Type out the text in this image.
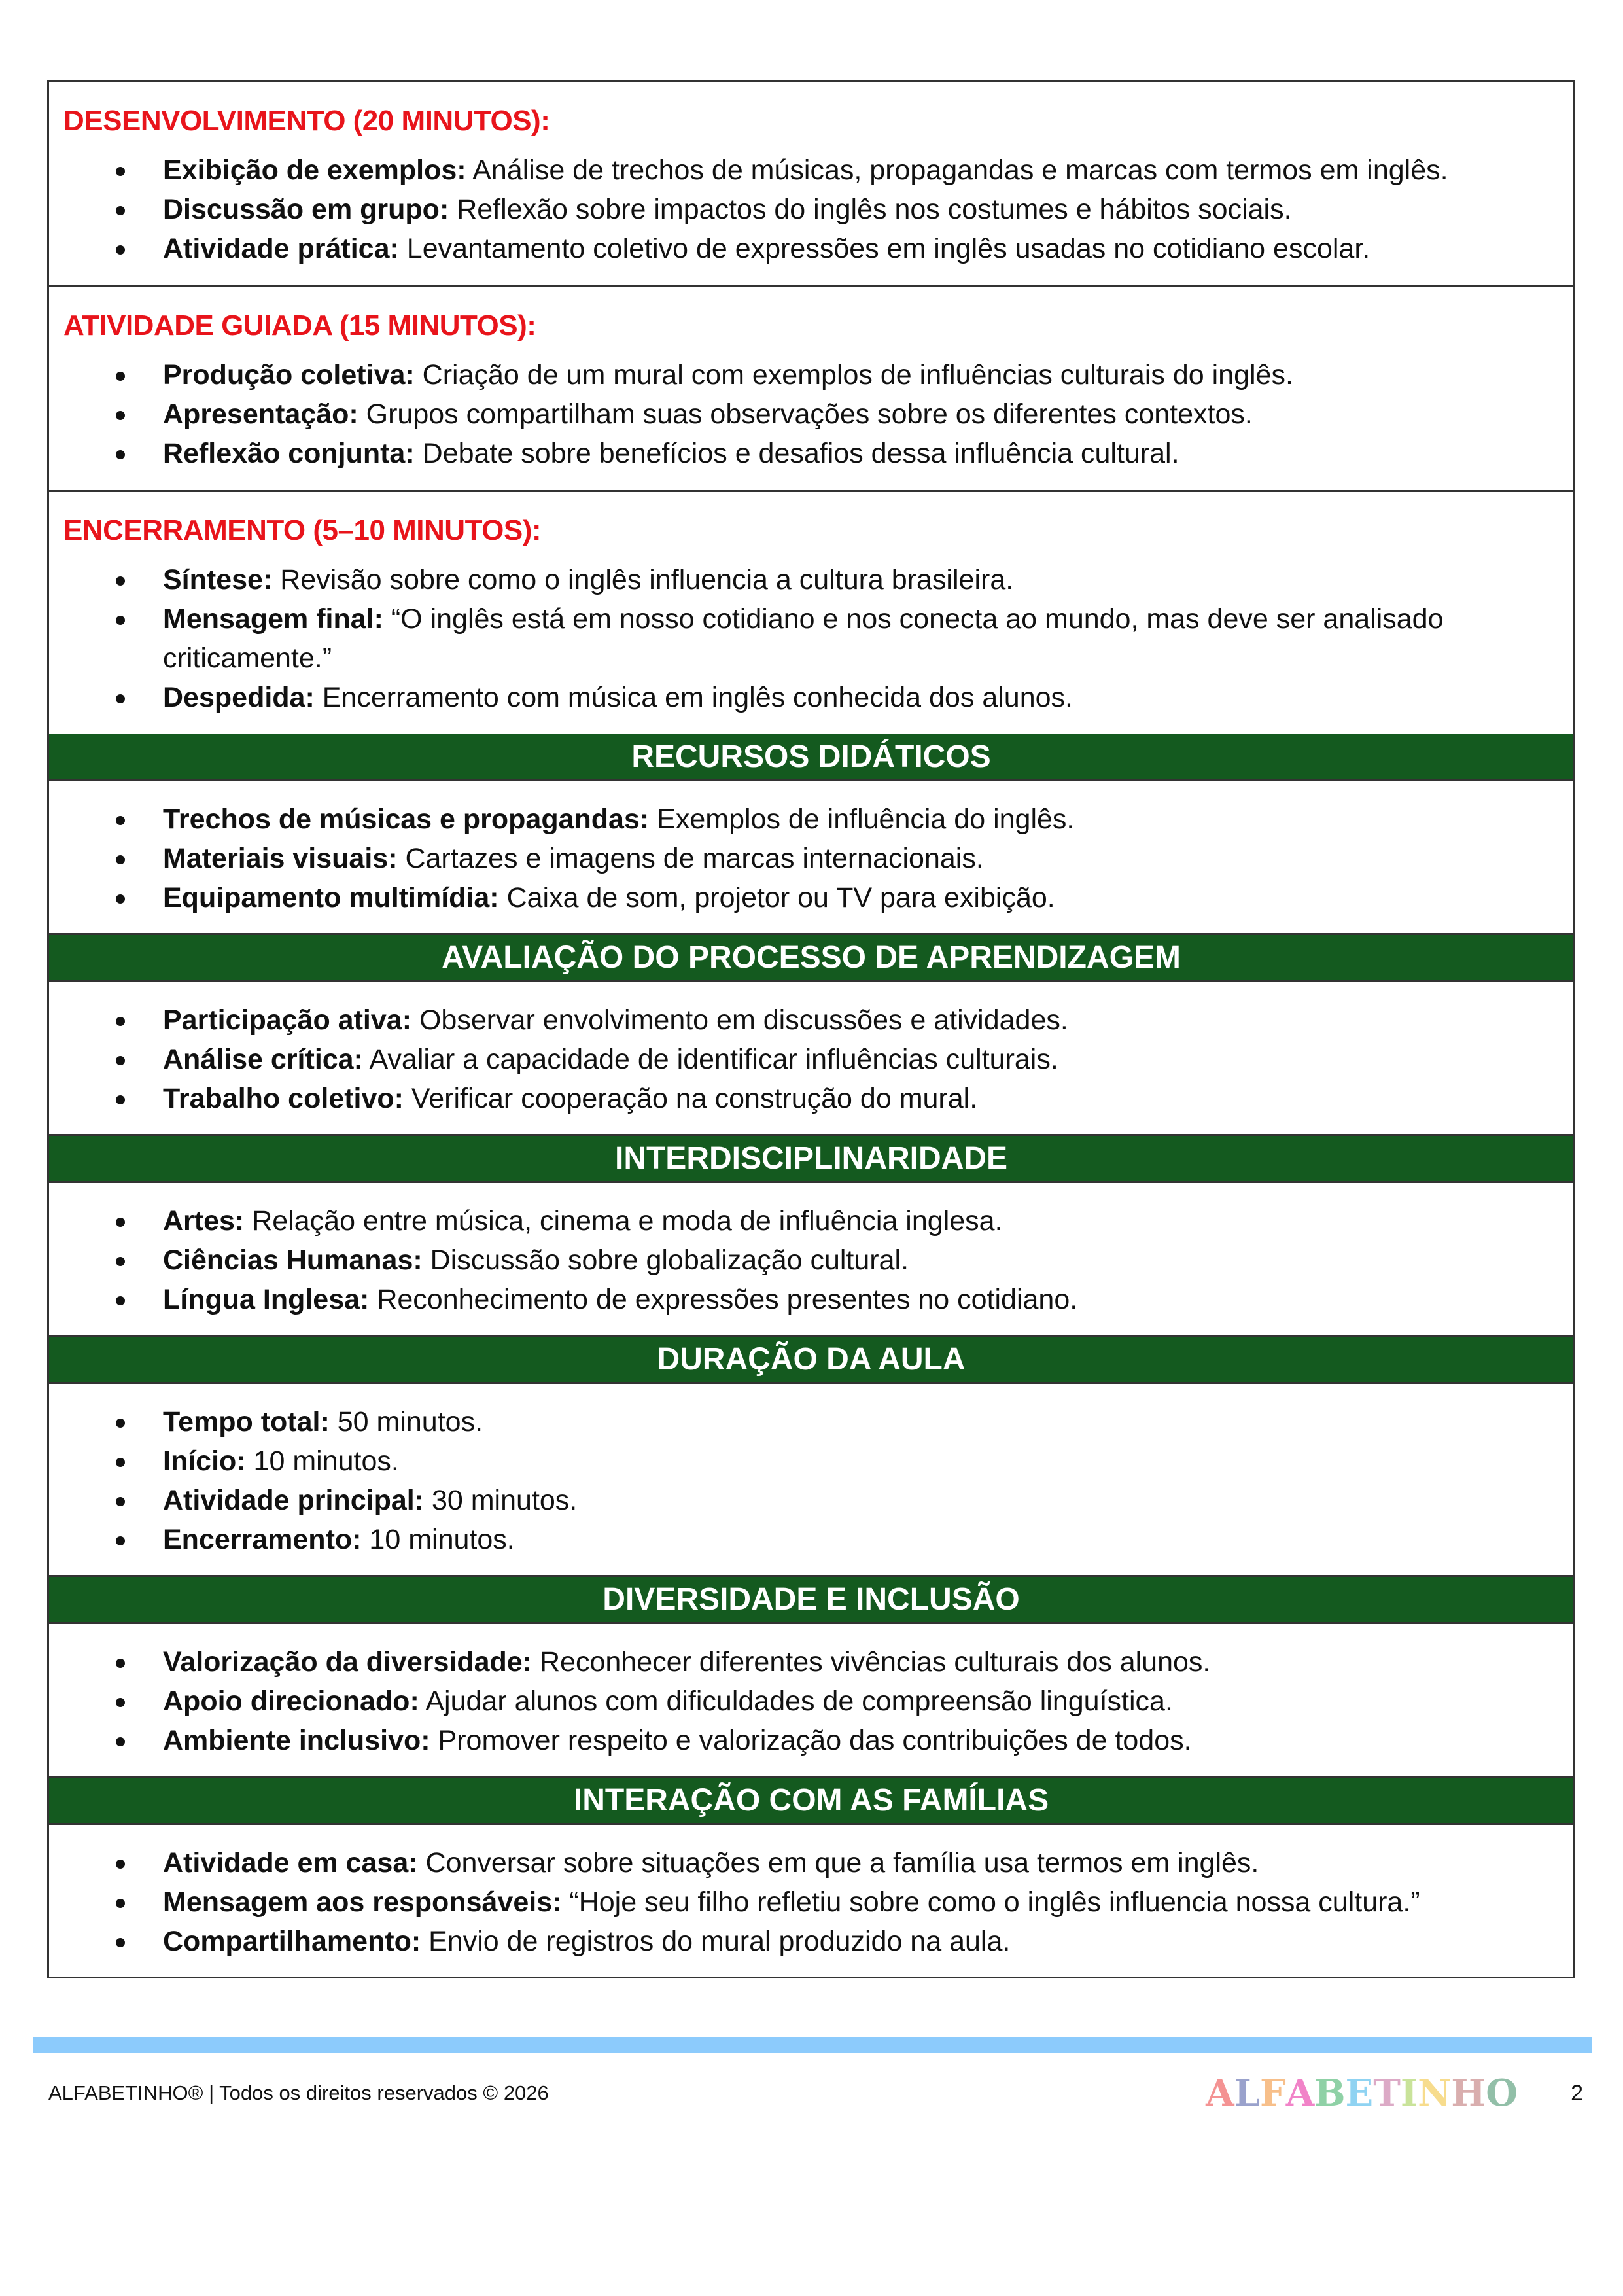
DESENVOLVIMENTO (20 MINUTOS):
Exibição de exemplos: Análise de trechos de músicas, propagandas e marcas com termos em inglês.
Discussão em grupo: Reflexão sobre impactos do inglês nos costumes e hábitos sociais.
Atividade prática: Levantamento coletivo de expressões em inglês usadas no cotidiano escolar.
ATIVIDADE GUIADA (15 MINUTOS):
Produção coletiva: Criação de um mural com exemplos de influências culturais do inglês.
Apresentação: Grupos compartilham suas observações sobre os diferentes contextos.
Reflexão conjunta: Debate sobre benefícios e desafios dessa influência cultural.
ENCERRAMENTO (5–10 MINUTOS):
Síntese: Revisão sobre como o inglês influencia a cultura brasileira.
Mensagem final: “O inglês está em nosso cotidiano e nos conecta ao mundo, mas deve ser analisado criticamente.”
Despedida: Encerramento com música em inglês conhecida dos alunos.
RECURSOS DIDÁTICOS
Trechos de músicas e propagandas: Exemplos de influência do inglês.
Materiais visuais: Cartazes e imagens de marcas internacionais.
Equipamento multimídia: Caixa de som, projetor ou TV para exibição.
AVALIAÇÃO DO PROCESSO DE APRENDIZAGEM
Participação ativa: Observar envolvimento em discussões e atividades.
Análise crítica: Avaliar a capacidade de identificar influências culturais.
Trabalho coletivo: Verificar cooperação na construção do mural.
INTERDISCIPLINARIDADE
Artes: Relação entre música, cinema e moda de influência inglesa.
Ciências Humanas: Discussão sobre globalização cultural.
Língua Inglesa: Reconhecimento de expressões presentes no cotidiano.
DURAÇÃO DA AULA
Tempo total: 50 minutos.
Início: 10 minutos.
Atividade principal: 30 minutos.
Encerramento: 10 minutos.
DIVERSIDADE E INCLUSÃO
Valorização da diversidade: Reconhecer diferentes vivências culturais dos alunos.
Apoio direcionado: Ajudar alunos com dificuldades de compreensão linguística.
Ambiente inclusivo: Promover respeito e valorização das contribuições de todos.
INTERAÇÃO COM AS FAMÍLIAS
Atividade em casa: Conversar sobre situações em que a família usa termos em inglês.
Mensagem aos responsáveis: “Hoje seu filho refletiu sobre como o inglês influencia nossa cultura.”
Compartilhamento: Envio de registros do mural produzido na aula.
ALFABETINHO® | Todos os direitos reservados © 2026	ALFABETINHO	2
